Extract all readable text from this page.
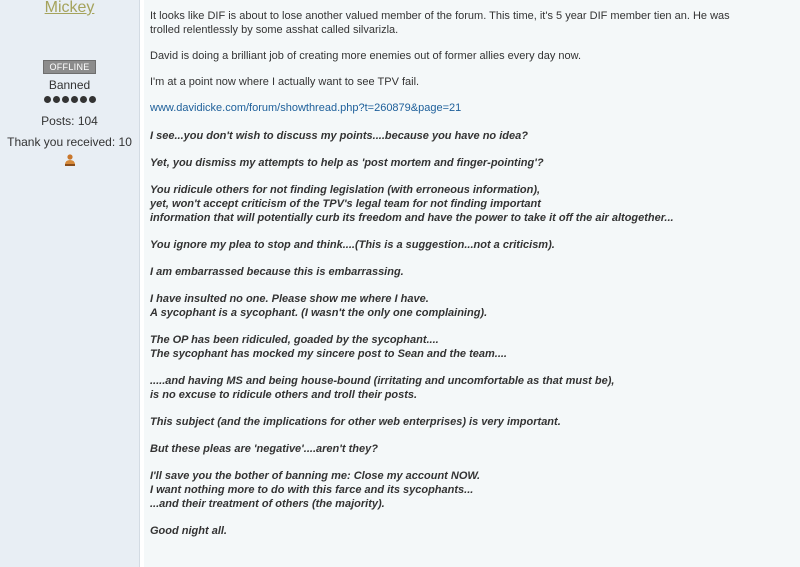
Mickey
OFFLINE
Banned
Posts: 104
Thank you received: 10

It looks like DIF is about to lose another valued member of the forum. This time, it's 5 year DIF member tien an. He was
trolled relentlessly by some asshat called silvarizla.

David is doing a brilliant job of creating more enemies out of former allies every day now.

I'm at a point now where I actually want to see TPV fail.

www.davidicke.com/forum/showthread.php?t=260879&page=21

I see...you don't wish to discuss my points....because you have no idea?

Yet, you dismiss my attempts to help as 'post mortem and finger-pointing'?

You ridicule others for not finding legislation (with erroneous information),
yet, won't accept criticism of the TPV's legal team for not finding important
information that will potentially curb its freedom and have the power to take it off the air altogether...

You ignore my plea to stop and think....(This is a suggestion...not a criticism).

I am embarrassed because this is embarrassing.

I have insulted no one. Please show me where I have.
A sycophant is a sycophant. (I wasn't the only one complaining).

The OP has been ridiculed, goaded by the sycophant....
The sycophant has mocked my sincere post to Sean and the team....

.....and having MS and being house-bound (irritating and uncomfortable as that must be),
is no excuse to ridicule others and troll their posts.

This subject (and the implications for other web enterprises) is very important.

But these pleas are 'negative'....aren't they?

I'll save you the bother of banning me: Close my account NOW.
I want nothing more to do with this farce and its sycophants...
...and their treatment of others (the majority).

Good night all.
